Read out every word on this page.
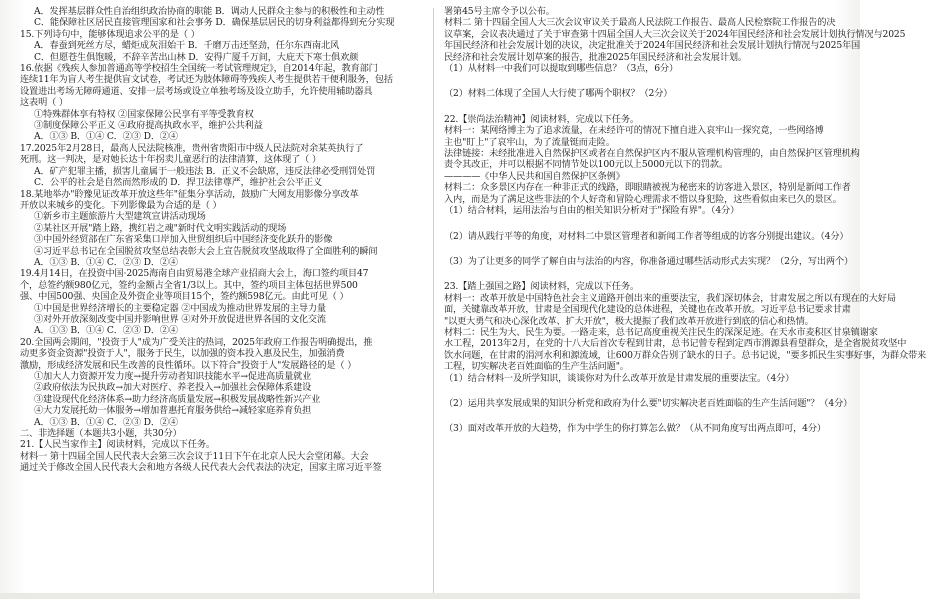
A．发挥基层群众性自治组织政治协商的职能 B．调动人民群众主参与的积极性和主动性
C．能保障社区居民直接管理国家和社会事务 D．确保基层居民的切身利益都得到充分实现
15.下列诗句中，能够体现追求公平的是（ ）
A．春蚕到死丝方尽，蜡炬成灰泪始干 B．千磨万击还坚劲，任尔东西南北风
C．但愿苍生俱饱暖，不辞辛苦出山林 D．安得广厦千万间，大庇天下寒士俱欢颜
16.依据《残疾人参加普通高等学校招生全国统一考试管理规定》，自2014年起，教育部门
连续11年为盲人考生提供盲文试卷，考试还为肢体障碍等残疾人考生提供若干便利服务，包括
设置进出考场无障碍通道、安排一层考场或设立单独考场及设立助手，允许使用辅助器具
这表明（ ）
①特殊群体享有特权 ②国家保障公民享有平等受教育权
③制度保障公平正义 ④政府提高执政水平，维护公共利益
A．①③ B．①④ C．②③ D．②④
17.2025年2月28日，最高人民法院核准，贵州省贵阳市中级人民法院对余某英执行了
死刑。这一判决，是对她长达十年拐卖儿童恶行的法律清算，这体现了（ ）
A．矿产犯罪主播，损害儿童属于一般违法 B．正义不会缺席，违反法律必受刑罚处罚
C．公平的社会是自然而然形成的 D．捍卫法律尊严，维护社会公平正义
18.某地举办"聆豫见证改革开放这些年"征集分享活动，鼓励广大网友用影像分享改革
开放以来城乡的变化。下列影像最为合适的是（ ）
①新乡市主题旅游片大型建筑宣讲活动现场
②某社区开展"踏上路，携红岩之魂"新时代文明实践活动的现场
③中国外经贸部在广东省采集口岸加入世贸组织后中国经济变化跃升的影像
④习近平总书记在全国脱贫攻坚总结表彰大会上宣告脱贫攻坚战取得了全面胜利的瞬间
A．①③ B．①④ C．②③ D．②④
19.4月14日，在投资中国·2025海南自由贸易港全球产业招商大会上，海口签约项目47
个，总签约额980亿元，签约金额占全省1/3以上。其中，签约项目主体包括世界500
强、中国500强、央国企及外资企业等项目15个，签约额598亿元。由此可见（ ）
①中国是世界经济增长的主要稳定器 ②中国成为推动世界发展的主导力量
③对外开放深刻改变中国并影响世界 ④对外开放促进世界各国的文化交流
A．①③ B．①④ C．②③ D．②④
20.全国两会期间，"投资于人"成为广受关注的热词，2025年政府工作报告明确提出，推
动更多资金资源"投资于人"，服务于民生，以加强的资本投入惠及民生，加强消费
激励，形成经济发展和民生改善的良性循环。以下符合"投资于人"发展路径的是（ ）
①加大人力资源开发力度→提升劳动者知识技能水平→促进高质量就业
②政府依法为民执政→加大对医疗、养老投入→加强社会保障体系建设
③建设现代化经济体系→助力经济高质量发展→积极发展战略性新兴产业
④大力发展托幼一体服务→增加普惠托育服务供给→减轻家庭养育负担
A．①③ B．①④ C．②③ D．②④
二、非选择题（本题共3小题，共30分）
21.【人民当家作主】阅读材料，完成以下任务。
材料一 第十四届全国人民代表大会第三次会议于11日下午在北京人民大会堂闭幕。大会
通过关于修改全国人民代表大会和地方各级人民代表大会代表法的决定，国家主席习近平签
署第45号主席令予以公布。
材料二 第十四届全国人大三次会议审议关于最高人民法院工作报告、最高人民检察院工作报告的决
议草案，会议表决通过了关于审查第十四届全国人大三次会议关于2024年国民经济和社会发展计划执行情况与2025
年国民经济和社会发展计划的决议，决定批准关于2024年国民经济和社会发展计划执行情况与2025年国
民经济和社会发展计划草案的报告，批准2025年国民经济和社会发展计划。
（1）从材料一中我们可以提取到哪些信息？（3点，6分）
（2）材料二体现了全国人大行使了哪两个职权？（2分）
22.【崇尚法治精神】阅读材料，完成以下任务。
材料一：某网络博主为了追求流量，在未经许可的情况下擅自进入哀牢山一探究竟，一些网络博
主也"盯上"了哀牢山，为了流量铤而走险。
法律链接：未经批准进入自然保护区或者在自然保护区内不服从管理机构管理的，由自然保护区管理机构
责令其改正，并可以根据不同情节处以100元以上5000元以下的罚款。
————《中华人民共和国自然保护区条例》
材料二：众多景区内存在一种非正式的线路，即眼睛被视为秘密来的访客进入景区，特别是新闻工作者
入内，而是为了满足这些非法的个人好奇和冒险心理需求不惜以身犯险，这些看似由来已久的景区。
（1）结合材料，运用法治与自由的相关知识分析对于"探险有界"。（4分）
（2）请从践行平等的角度，对材料二中景区管理者和新闻工作者等组成的访客分别提出建议。（4分）
（3）为了让更多的同学了解自由与法治的内容，你准备通过哪些活动形式去实现？（2分，写出两个）
23.【踏上强国之路】阅读材料，完成以下任务。
材料一：改革开放是中国特色社会主义道路开创出来的重要法宝，我们深切体会，甘肃发展之所以有现在的大好局
面，关键靠改革开放，甘肃是全国现代化建设的总体进程，关键也在改革开放。习近平总书记要求甘肃
"以更大勇气和决心深化改革、扩大开放"，极大提振了我们改革开放进行到底的信心和热情。
材料二：民生为大、民生为要。一路走来，总书记高度重视关注民生的深深足迹。在天水市麦积区甘泉镇谢家
水工程，2013年2月，在党的十八大后首次专程到甘肃，总书记曾专程到定西市渭源县看望群众，是全省脱贫攻坚中
饮水问题，在甘肃的涓河水利和源流域，让600万群众告别了缺水的日子。总书记说，"要多抓民生实事好事，为群众带来
工程，切实解决老百姓面临的生产生活问题"。
（1）结合材料一及所学知识，谈谈你对为什么改革开放是甘肃发展的重要法宝。（4分）
（2）运用共享发展成果的知识分析党和政府为什么要"切实解决老百姓面临的生产生活问题"？（4分）
（3）面对改革开放的大趋势，作为中学生的你打算怎么做？（从不同角度写出两点即可，4分）
